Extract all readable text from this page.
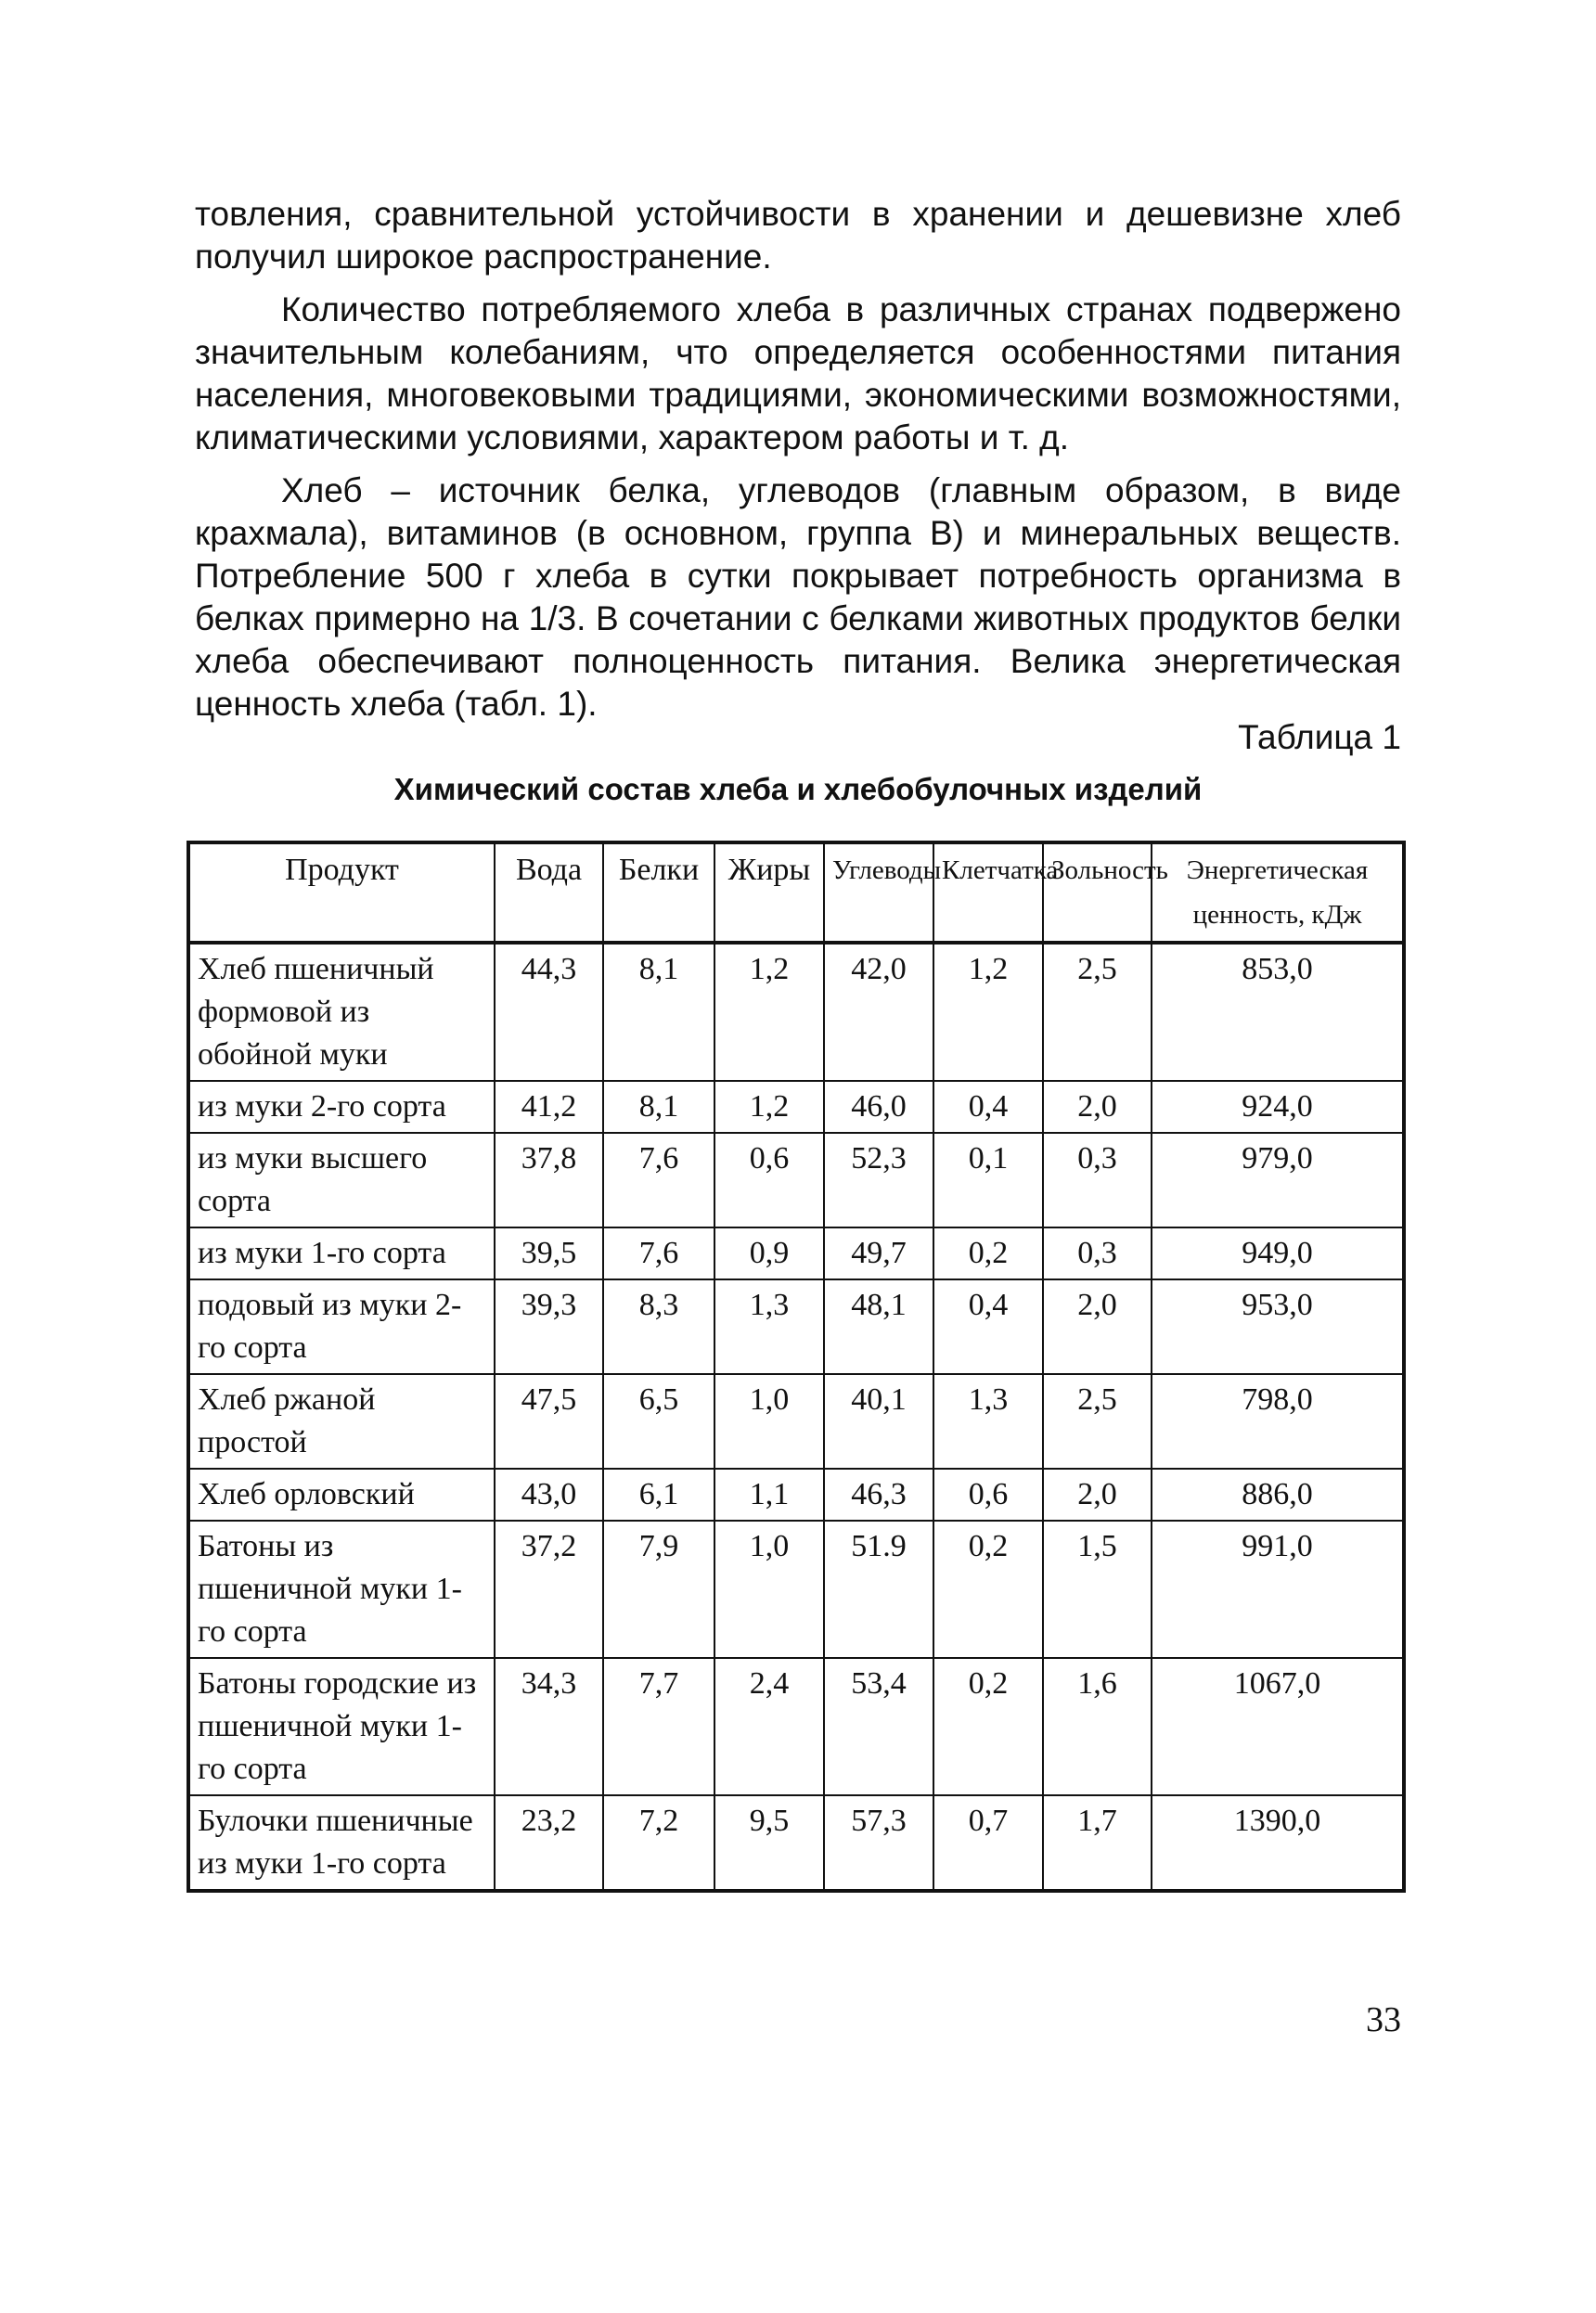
товления, сравнительной устойчивости в хранении и дешевизне хлеб получил широкое распространение.

Количество потребляемого хлеба в различных странах подвержено значительным колебаниям, что определяется особенностями питания населения, многовековыми традициями, экономическими возможностями, климатическими условиями, характером работы и т. д.

Хлеб – источник белка, углеводов (главным образом, в виде крахмала), витаминов (в основном, группа В) и минеральных веществ. Потребление 500 г хлеба в сутки покрывает потребность организма в белках примерно на 1/3. В сочетании с белками животных продуктов белки хлеба обеспечивают полноценность питания. Велика энергетическая ценность хлеба (табл. 1).

Таблица 1
Химический состав хлеба и хлебобулочных изделий
Продукт	Вода	Белки	Жиры	Углеводы	Клетчатка	Зольность	Энергетическая ценность, кДж
Хлеб пшеничный формовой из обойной муки	44,3	8,1	1,2	42,0	1,2	2,5	853,0
из муки 2-го сорта	41,2	8,1	1,2	46,0	0,4	2,0	924,0
из муки высшего сорта	37,8	7,6	0,6	52,3	0,1	0,3	979,0
из муки 1-го сорта	39,5	7,6	0,9	49,7	0,2	0,3	949,0
подовый из муки 2-го сорта	39,3	8,3	1,3	48,1	0,4	2,0	953,0
Хлеб ржаной простой	47,5	6,5	1,0	40,1	1,3	2,5	798,0
Хлеб орловский	43,0	6,1	1,1	46,3	0,6	2,0	886,0
Батоны из пшеничной муки 1-го сорта	37,2	7,9	1,0	51.9	0,2	1,5	991,0
Батоны городские из пшеничной муки 1-го сорта	34,3	7,7	2,4	53,4	0,2	1,6	1067,0
Булочки пшеничные из муки 1-го сорта	23,2	7,2	9,5	57,3	0,7	1,7	1390,0
33
